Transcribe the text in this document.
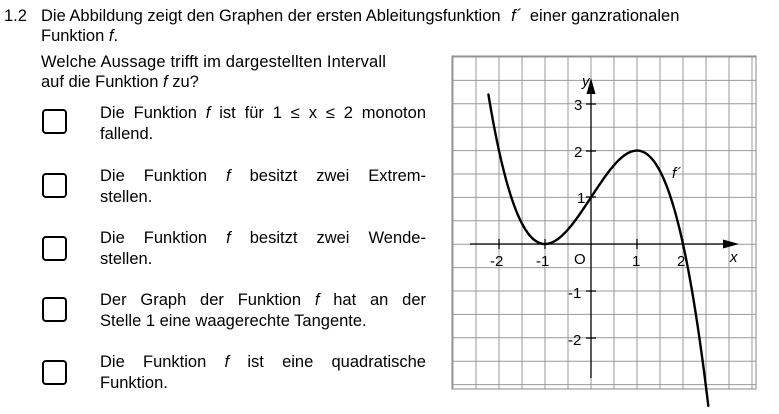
1.2 Die Abbildung zeigt den Graphen der ersten Ableitungsfunktion f´ einer ganzrationalen
Funktion f.
Welche Aussage trifft im dargestellten Intervall
auf die Funktion f zu?
Die Funktion f ist für 1 ≤ x ≤ 2 monoton
fallend.
Die Funktion f besitzt zwei Extrem-
stellen.
Die Funktion f besitzt zwei Wende-
stellen.
Der Graph der Funktion f hat an der
Stelle 1 eine waagerechte Tangente.
Die Funktion f ist eine quadratische
Funktion.
-2 -1	1 2
O
3
2
1
-1
-2
x
y
f´
